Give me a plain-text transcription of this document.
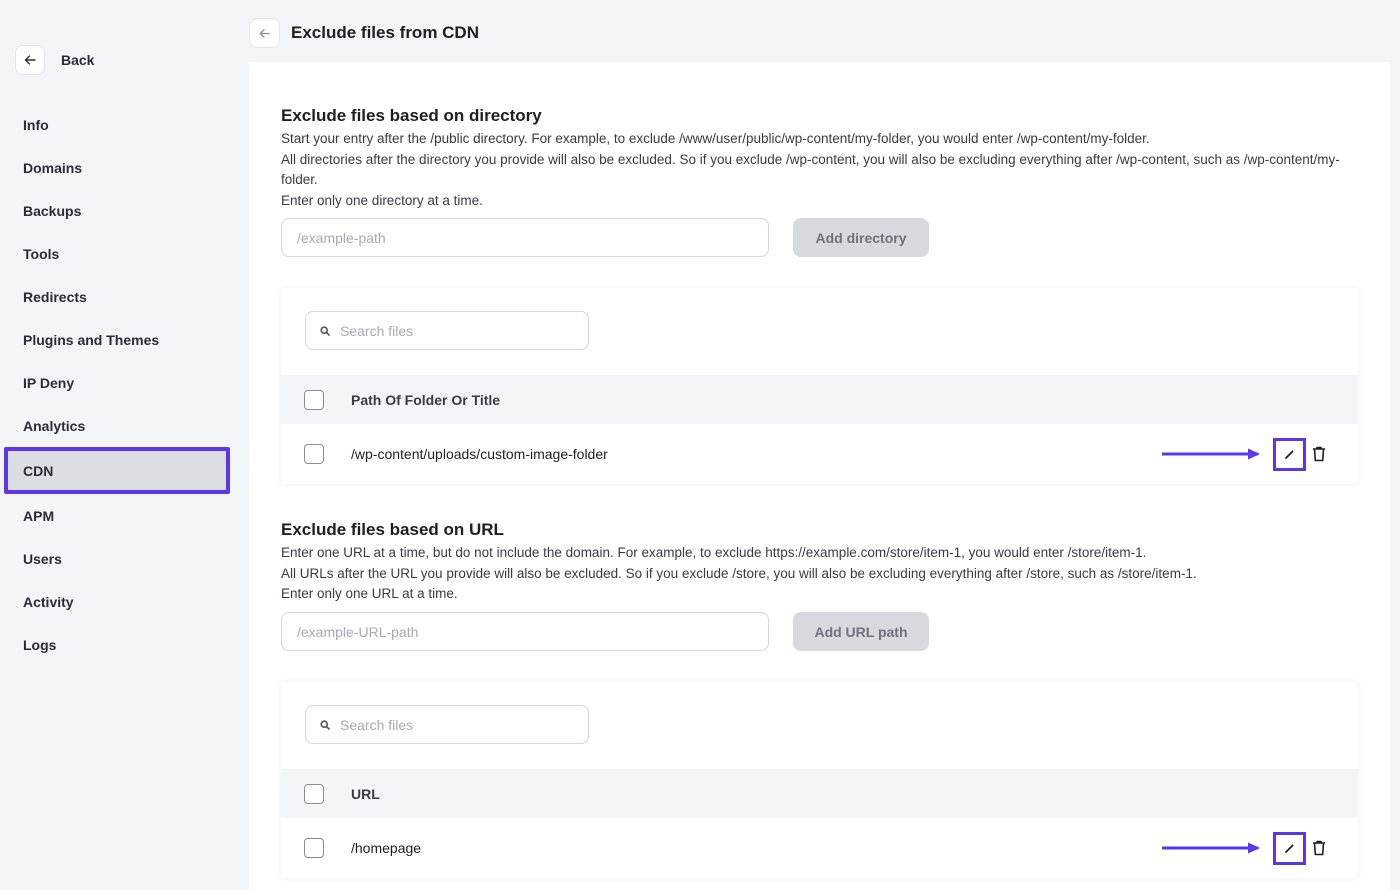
Back
Info
Domains
Backups
Tools
Redirects
Plugins and Themes
IP Deny
Analytics
CDN
APM
Users
Activity
Logs
Exclude files from CDN
Exclude files based on directory
Start your entry after the /public directory. For example, to exclude /www/user/public/wp-content/my-folder, you would enter /wp-content/my-folder.
All directories after the directory you provide will also be excluded. So if you exclude /wp-content, you will also be excluding everything after /wp-content, such as /wp-content/my-folder.
Enter only one directory at a time.
/example-path
Add directory
Search files
Path Of Folder Or Title
/wp-content/uploads/custom-image-folder
Exclude files based on URL
Enter one URL at a time, but do not include the domain. For example, to exclude https://example.com/store/item-1, you would enter /store/item-1.
All URLs after the URL you provide will also be excluded. So if you exclude /store, you will also be excluding everything after /store, such as /store/item-1.
Enter only one URL at a time.
/example-URL-path
Add URL path
Search files
URL
/homepage
